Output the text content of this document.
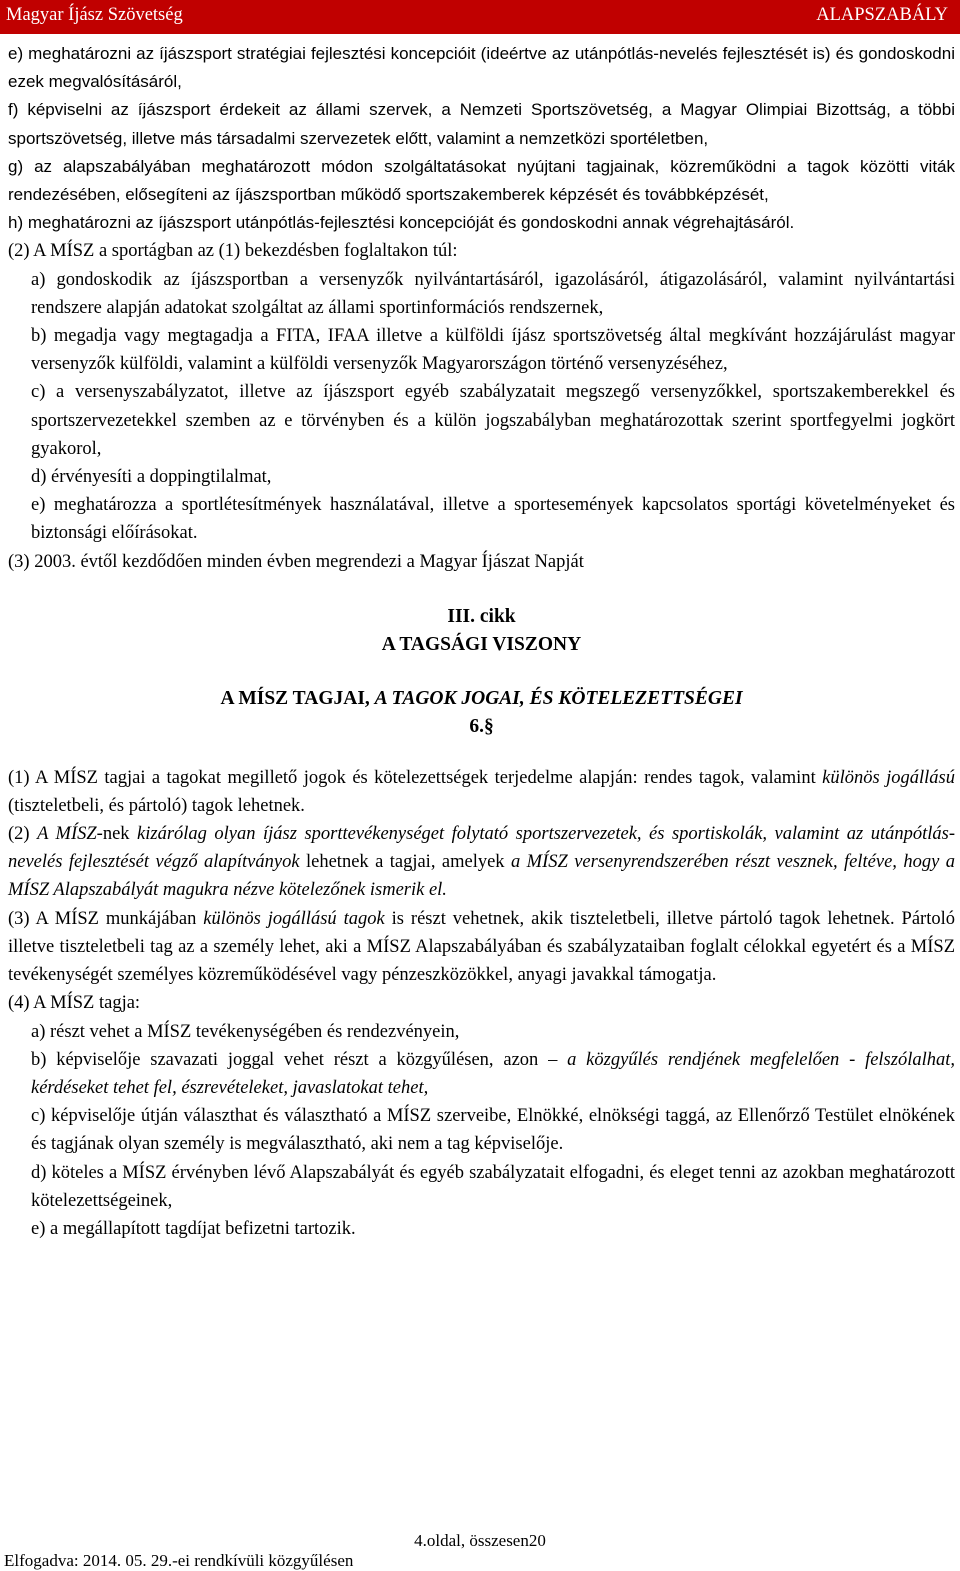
Magyar Íjász Szövetség	ALAPSZABÁLY

e) meghatározni az íjászsport stratégiai fejlesztési koncepcióit (ideértve az utánpótlás-nevelés fejlesztését is) és gondoskodni ezek megvalósításáról,

f) képviselni az íjászsport érdekeit az állami szervek, a Nemzeti Sportszövetség, a Magyar Olimpiai Bizottság, a többi sportszövetség, illetve más társadalmi szervezetek előtt, valamint a nemzetközi sportéletben,

g) az alapszabályában meghatározott módon szolgáltatásokat nyújtani tagjainak, közreműködni a tagok közötti viták rendezésében, elősegíteni az íjászsportban működő sportszakemberek képzését és továbbképzését,

h) meghatározni az íjászsport utánpótlás-fejlesztési koncepcióját és gondoskodni annak végrehajtásáról.

(2) A MÍSZ a sportágban az (1) bekezdésben foglaltakon túl:

a) gondoskodik az íjászsportban a versenyzők nyilvántartásáról, igazolásáról, átigazolásáról, valamint nyilvántartási rendszere alapján adatokat szolgáltat az állami sportinformációs rendszernek,

b) megadja vagy megtagadja a FITA, IFAA illetve a külföldi íjász sportszövetség által megkívánt hozzájárulást magyar versenyzők külföldi, valamint a külföldi versenyzők Magyarországon történő versenyzéséhez,

c) a versenyszabályzatot, illetve az íjászsport egyéb szabályzatait megszegő versenyzőkkel, sportszakemberekkel és sportszervezetekkel szemben az e törvényben és a külön jogszabályban meghatározottak szerint sportfegyelmi jogkört gyakorol,

d) érvényesíti a doppingtilalmat,

e) meghatározza a sportlétesítmények használatával, illetve a sportesemények kapcsolatos sportági követelményeket és biztonsági előírásokat.

(3) 2003. évtől kezdődően minden évben megrendezi a Magyar Íjászat Napját

III. cikk

A TAGSÁGI VISZONY

A MÍSZ TAGJAI, A TAGOK JOGAI, ÉS KÖTELEZETTSÉGEI

6.§

(1) A MÍSZ tagjai a tagokat megillető jogok és kötelezettségek terjedelme alapján: rendes tagok, valamint különös jogállású (tiszteletbeli, és pártoló) tagok lehetnek.

(2) A MÍSZ-nek kizárólag olyan íjász sporttevékenységet folytató sportszervezetek, és sportiskolák, valamint az utánpótlás-nevelés fejlesztését végző alapítványok lehetnek a tagjai, amelyek a MÍSZ versenyrendszerében részt vesznek, feltéve, hogy a MÍSZ Alapszabályát magukra nézve kötelezőnek ismerik el.

(3) A MÍSZ munkájában különös jogállású tagok is részt vehetnek, akik tiszteletbeli, illetve pártoló tagok lehetnek. Pártoló illetve tiszteletbeli tag az a személy lehet, aki a MÍSZ Alapszabályában és szabályzataiban foglalt célokkal egyetért és a MÍSZ tevékenységét személyes közreműködésével vagy pénzeszközökkel, anyagi javakkal támogatja.

(4) A MÍSZ tagja:

a) részt vehet a MÍSZ tevékenységében és rendezvényein,

b) képviselője szavazati joggal vehet részt a közgyűlésen, azon – a közgyűlés rendjének megfelelően - felszólalhat, kérdéseket tehet fel, észrevételeket, javaslatokat tehet,

c) képviselője útján választhat és választható a MÍSZ szerveibe, Elnökké, elnökségi taggá, az Ellenőrző Testület elnökének és tagjának olyan személy is megválasztható, aki nem a tag képviselője.

d) köteles a MÍSZ érvényben lévő Alapszabályát és egyéb szabályzatait elfogadni, és eleget tenni az azokban meghatározott kötelezettségeinek,

e) a megállapított tagdíjat befizetni tartozik.

4.oldal, összesen20
Elfogadva: 2014. 05. 29.-ei rendkívüli közgyűlésen
